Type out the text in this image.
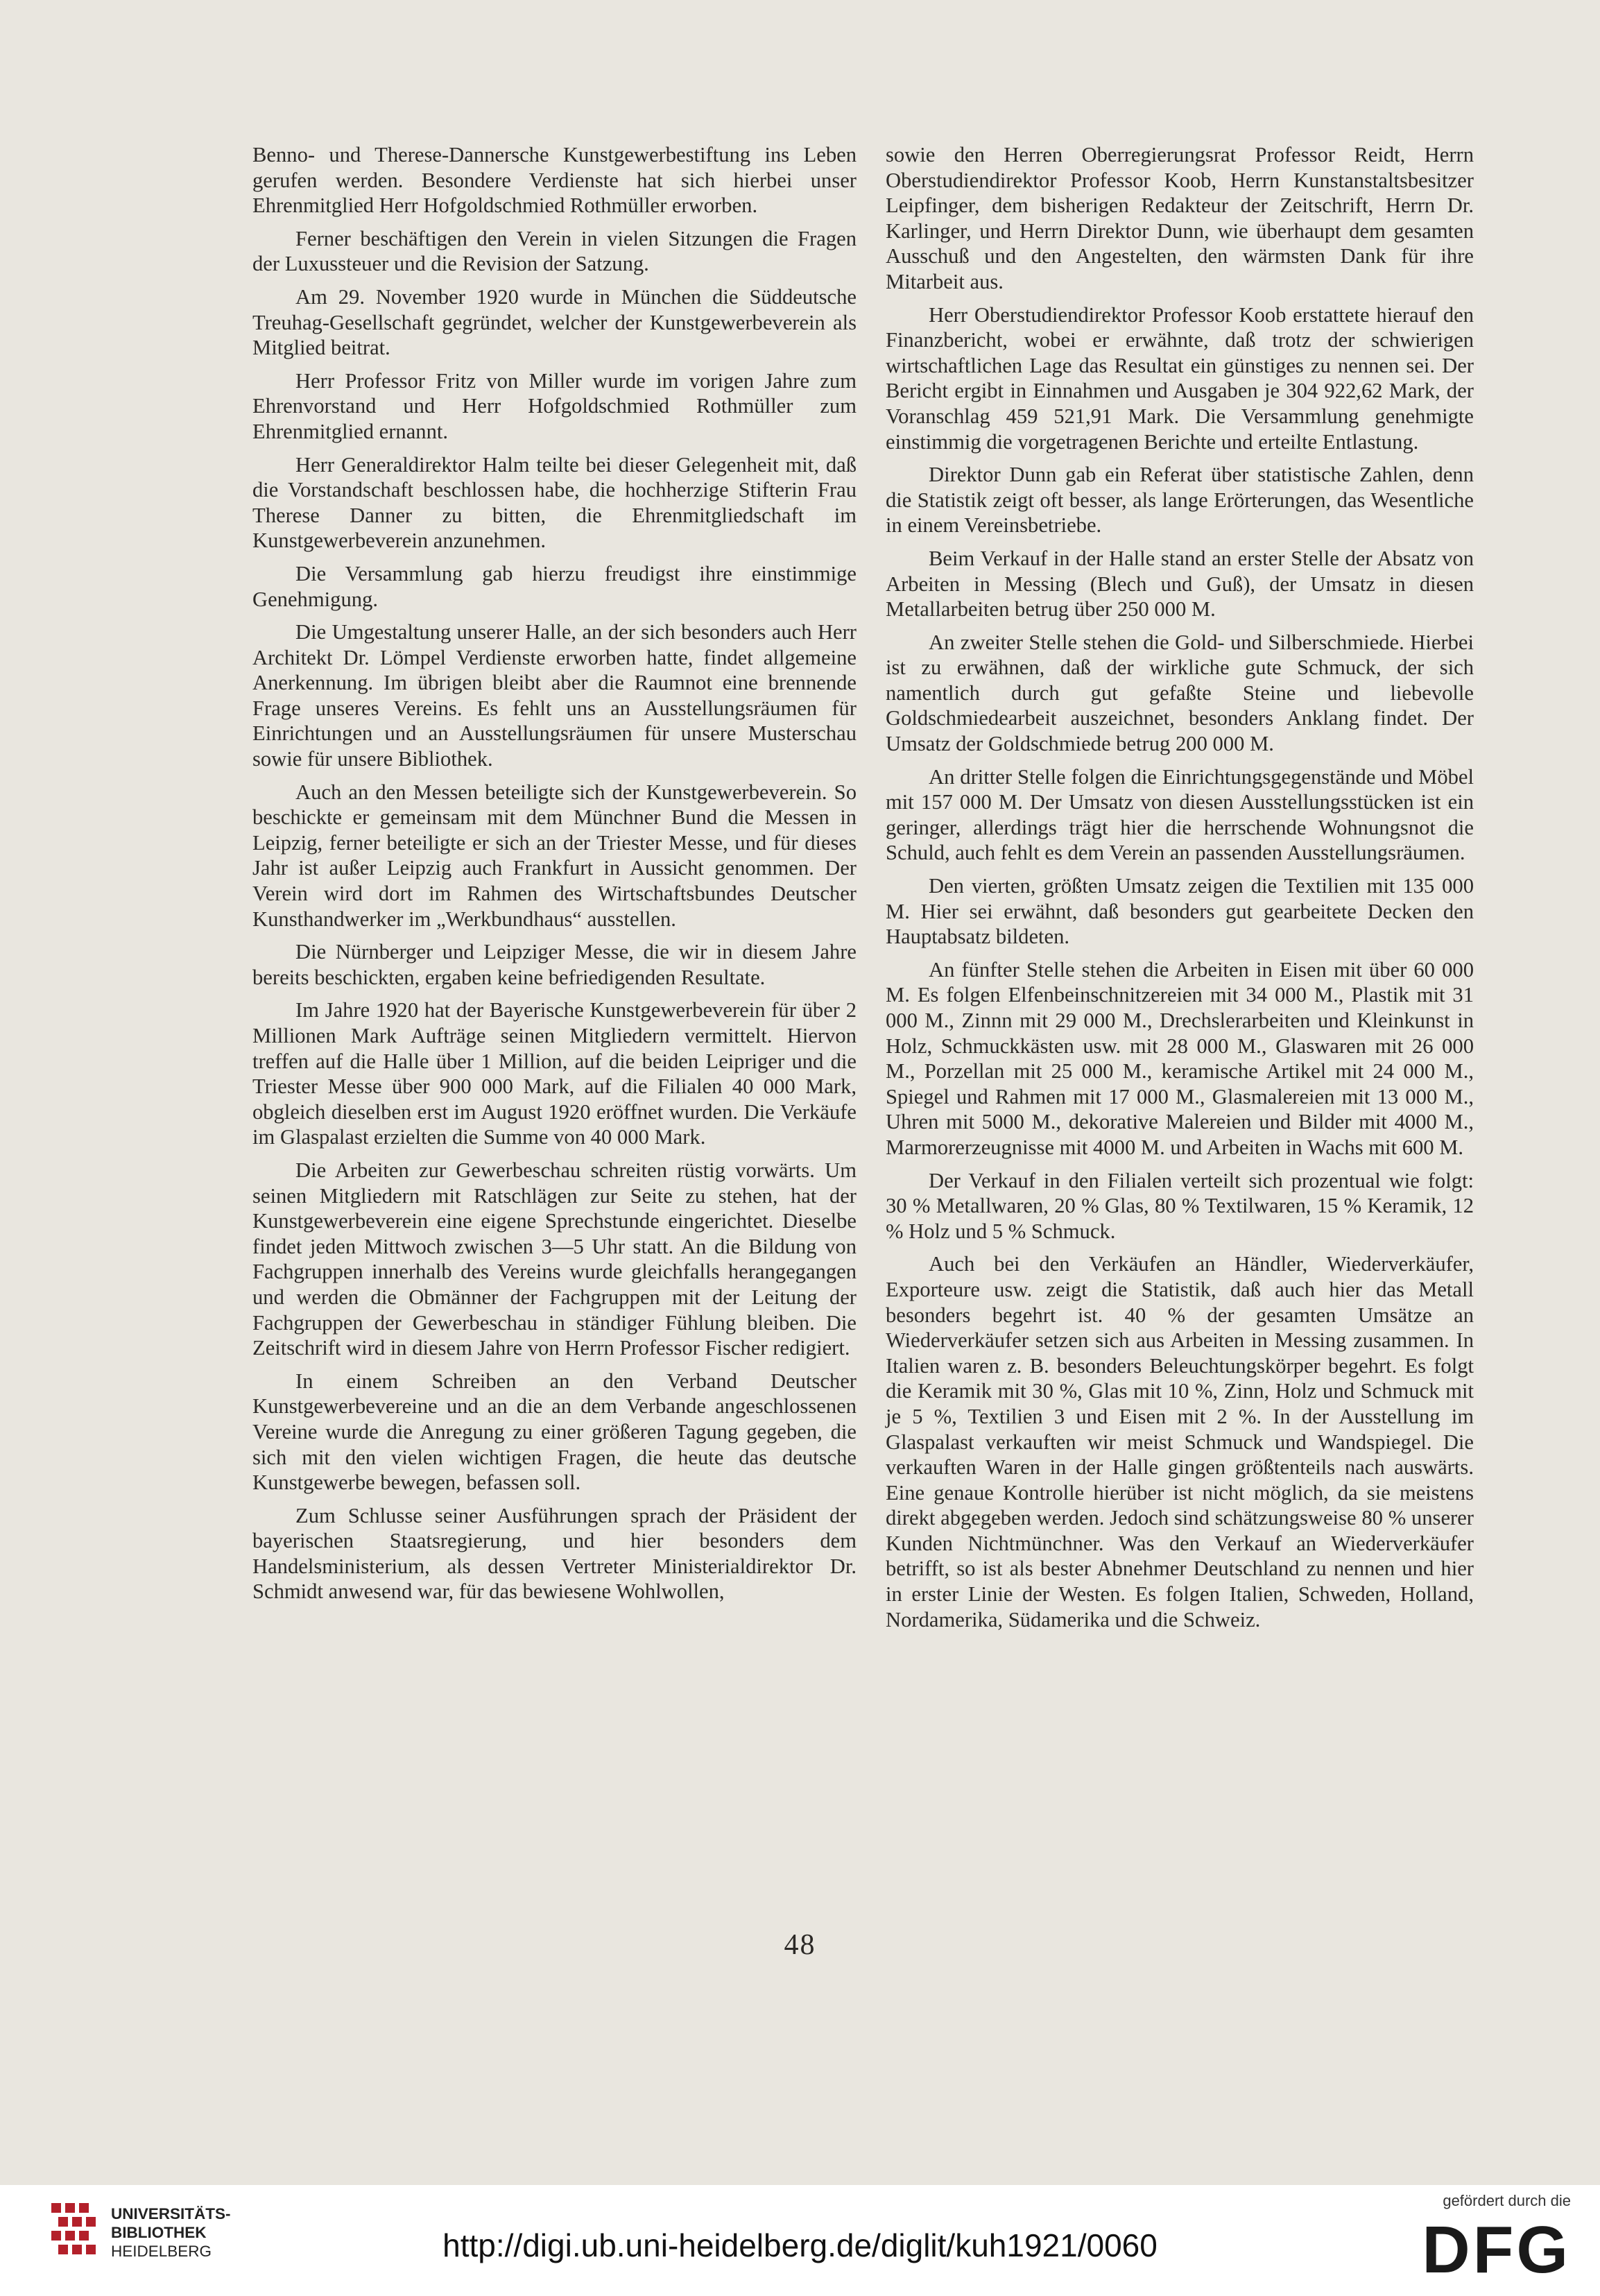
Benno- und Therese-Dannersche Kunstgewerbestiftung ins Leben gerufen werden. Besondere Verdienste hat sich hierbei unser Ehrenmitglied Herr Hofgoldschmied Rothmüller erworben.

Ferner beschäftigen den Verein in vielen Sitzungen die Fragen der Luxussteuer und die Revision der Satzung.

Am 29. November 1920 wurde in München die Süddeutsche Treuhag-Gesellschaft gegründet, welcher der Kunstgewerbeverein als Mitglied beitrat.

Herr Professor Fritz von Miller wurde im vorigen Jahre zum Ehrenvorstand und Herr Hofgoldschmied Rothmüller zum Ehrenmitglied ernannt.

Herr Generaldirektor Halm teilte bei dieser Gelegenheit mit, daß die Vorstandschaft beschlossen habe, die hochherzige Stifterin Frau Therese Danner zu bitten, die Ehrenmitgliedschaft im Kunstgewerbeverein anzunehmen.

Die Versammlung gab hierzu freudigst ihre einstimmige Genehmigung.

Die Umgestaltung unserer Halle, an der sich besonders auch Herr Architekt Dr. Lömpel Verdienste erworben hatte, findet allgemeine Anerkennung. Im übrigen bleibt aber die Raumnot eine brennende Frage unseres Vereins. Es fehlt uns an Ausstellungsräumen für Einrichtungen und an Ausstellungsräumen für unsere Musterschau sowie für unsere Bibliothek.

Auch an den Messen beteiligte sich der Kunstgewerbeverein. So beschickte er gemeinsam mit dem Münchner Bund die Messen in Leipzig, ferner beteiligte er sich an der Triester Messe, und für dieses Jahr ist außer Leipzig auch Frankfurt in Aussicht genommen. Der Verein wird dort im Rahmen des Wirtschaftsbundes Deutscher Kunsthandwerker im „Werkbundhaus“ ausstellen.

Die Nürnberger und Leipziger Messe, die wir in diesem Jahre bereits beschickten, ergaben keine befriedigenden Resultate.

Im Jahre 1920 hat der Bayerische Kunstgewerbeverein für über 2 Millionen Mark Aufträge seinen Mitgliedern vermittelt. Hiervon treffen auf die Halle über 1 Million, auf die beiden Leipriger und die Triester Messe über 900 000 Mark, auf die Filialen 40 000 Mark, obgleich dieselben erst im August 1920 eröffnet wurden. Die Verkäufe im Glaspalast erzielten die Summe von 40 000 Mark.

Die Arbeiten zur Gewerbeschau schreiten rüstig vorwärts. Um seinen Mitgliedern mit Ratschlägen zur Seite zu stehen, hat der Kunstgewerbeverein eine eigene Sprechstunde eingerichtet. Dieselbe findet jeden Mittwoch zwischen 3—5 Uhr statt. An die Bildung von Fachgruppen innerhalb des Vereins wurde gleichfalls herangegangen und werden die Obmänner der Fachgruppen mit der Leitung der Fachgruppen der Gewerbeschau in ständiger Fühlung bleiben. Die Zeitschrift wird in diesem Jahre von Herrn Professor Fischer redigiert.

In einem Schreiben an den Verband Deutscher Kunstgewerbevereine und an die an dem Verbande angeschlossenen Vereine wurde die Anregung zu einer größeren Tagung gegeben, die sich mit den vielen wichtigen Fragen, die heute das deutsche Kunstgewerbe bewegen, befassen soll.

Zum Schlusse seiner Ausführungen sprach der Präsident der bayerischen Staatsregierung, und hier besonders dem Handelsministerium, als dessen Vertreter Ministerialdirektor Dr. Schmidt anwesend war, für das bewiesene Wohlwollen,

sowie den Herren Oberregierungsrat Professor Reidt, Herrn Oberstudiendirektor Professor Koob, Herrn Kunstanstaltsbesitzer Leipfinger, dem bisherigen Redakteur der Zeitschrift, Herrn Dr. Karlinger, und Herrn Direktor Dunn, wie überhaupt dem gesamten Ausschuß und den Angestelten, den wärmsten Dank für ihre Mitarbeit aus.

Herr Oberstudiendirektor Professor Koob erstattete hierauf den Finanzbericht, wobei er erwähnte, daß trotz der schwierigen wirtschaftlichen Lage das Resultat ein günstiges zu nennen sei. Der Bericht ergibt in Einnahmen und Ausgaben je 304 922,62 Mark, der Voranschlag 459 521,91 Mark. Die Versammlung genehmigte einstimmig die vorgetragenen Berichte und erteilte Entlastung.

Direktor Dunn gab ein Referat über statistische Zahlen, denn die Statistik zeigt oft besser, als lange Erörterungen, das Wesentliche in einem Vereinsbetriebe.

Beim Verkauf in der Halle stand an erster Stelle der Absatz von Arbeiten in Messing (Blech und Guß), der Umsatz in diesen Metallarbeiten betrug über 250 000 M.

An zweiter Stelle stehen die Gold- und Silberschmiede. Hierbei ist zu erwähnen, daß der wirkliche gute Schmuck, der sich namentlich durch gut gefaßte Steine und liebevolle Goldschmiedearbeit auszeichnet, besonders Anklang findet. Der Umsatz der Goldschmiede betrug 200 000 M.

An dritter Stelle folgen die Einrichtungsgegenstände und Möbel mit 157 000 M. Der Umsatz von diesen Ausstellungsstücken ist ein geringer, allerdings trägt hier die herrschende Wohnungsnot die Schuld, auch fehlt es dem Verein an passenden Ausstellungsräumen.

Den vierten, größten Umsatz zeigen die Textilien mit 135 000 M. Hier sei erwähnt, daß besonders gut gearbeitete Decken den Hauptabsatz bildeten.

An fünfter Stelle stehen die Arbeiten in Eisen mit über 60 000 M. Es folgen Elfenbeinschnitzereien mit 34 000 M., Plastik mit 31 000 M., Zinnn mit 29 000 M., Drechslerarbeiten und Kleinkunst in Holz, Schmuckkästen usw. mit 28 000 M., Glaswaren mit 26 000 M., Porzellan mit 25 000 M., keramische Artikel mit 24 000 M., Spiegel und Rahmen mit 17 000 M., Glasmalereien mit 13 000 M., Uhren mit 5000 M., dekorative Malereien und Bilder mit 4000 M., Marmorerzeugnisse mit 4000 M. und Arbeiten in Wachs mit 600 M.

Der Verkauf in den Filialen verteilt sich prozentual wie folgt: 30 % Metallwaren, 20 % Glas, 80 % Textilwaren, 15 % Keramik, 12 % Holz und 5 % Schmuck.

Auch bei den Verkäufen an Händler, Wiederverkäufer, Exporteure usw. zeigt die Statistik, daß auch hier das Metall besonders begehrt ist. 40 % der gesamten Umsätze an Wiederverkäufer setzen sich aus Arbeiten in Messing zusammen. In Italien waren z. B. besonders Beleuchtungskörper begehrt. Es folgt die Keramik mit 30 %, Glas mit 10 %, Zinn, Holz und Schmuck mit je 5 %, Textilien 3 und Eisen mit 2 %. In der Ausstellung im Glaspalast verkauften wir meist Schmuck und Wandspiegel. Die verkauften Waren in der Halle gingen größtenteils nach auswärts. Eine genaue Kontrolle hierüber ist nicht möglich, da sie meistens direkt abgegeben werden. Jedoch sind schätzungsweise 80 % unserer Kunden Nichtmünchner. Was den Verkauf an Wiederverkäufer betrifft, so ist als bester Abnehmer Deutschland zu nennen und hier in erster Linie der Westen. Es folgen Italien, Schweden, Holland, Nordamerika, Südamerika und die Schweiz.

48
UNIVERSITÄTS-
BIBLIOTHEK
HEIDELBERG	http://digi.ub.uni-heidelberg.de/diglit/kuh1921/0060
gefördert durch die
DFG
